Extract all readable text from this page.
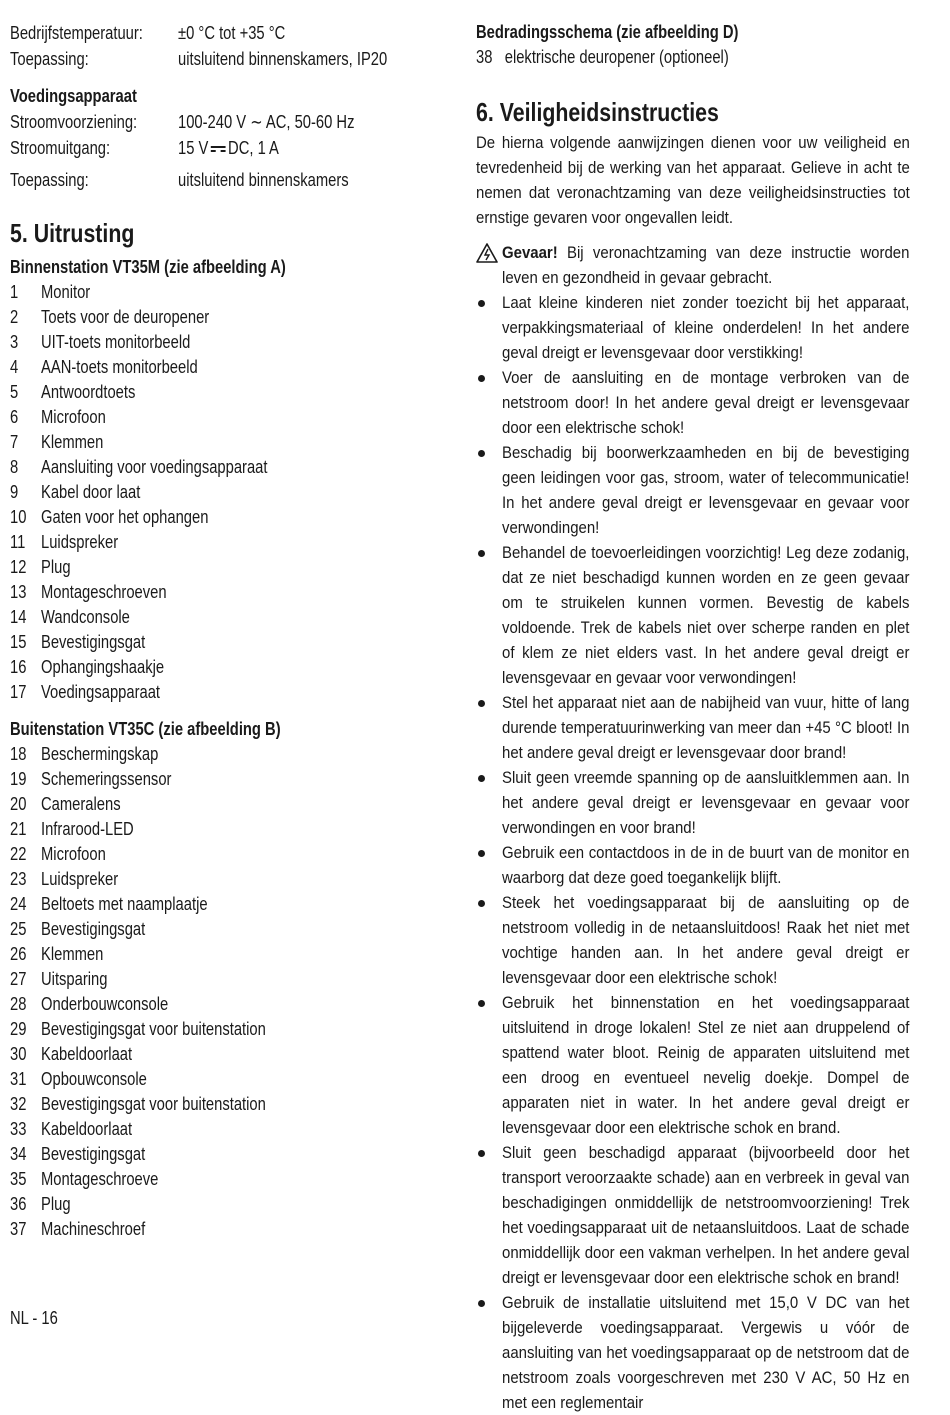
Bedrijfstemperatuur: ±0 °C tot +35 °C
Toepassing:	uitsluitend binnenskamers, IP20
Voedingsapparaat
Stroomvoorziening: 100-240 V ∼ AC, 50-60 Hz
Stroomuitgang:	15 V DC, 1 A
Toepassing:	uitsluitend binnenskamers
5. Uitrusting
Binnenstation VT35M (zie afbeelding A)
1 Monitor
2 Toets voor de deuropener
3 UIT-toets monitorbeeld
4 AAN-toets monitorbeeld
5 Antwoordtoets
6 Microfoon
7 Klemmen
8 Aansluiting voor voedingsapparaat
9 Kabel door laat
10 Gaten voor het ophangen
11 Luidspreker
12 Plug
13 Montageschroeven
14 Wandconsole
15 Bevestigingsgat
16 Ophangingshaakje
17 Voedingsapparaat
Buitenstation VT35C (zie afbeelding B)
18 Beschermingskap
19 Schemeringssensor
20 Cameralens
21 Infrarood-LED
22 Microfoon
23 Luidspreker
24 Beltoets met naamplaatje
25 Bevestigingsgat
26 Klemmen
27 Uitsparing
28 Onderbouwconsole
29 Bevestigingsgat voor buitenstation
30 Kabeldoorlaat
31 Opbouwconsole
32 Bevestigingsgat voor buitenstation
33 Kabeldoorlaat
34 Bevestigingsgat
35 Montageschroeve
36 Plug
37 Machineschroef
Bedradingsschema (zie afbeelding D)
38 elektrische deuropener (optioneel)
6. Veiligheidsinstructies
De hierna volgende aanwijzingen dienen voor uw veiligheid en tevredenheid bij de werking van het apparaat. Gelieve in acht te nemen dat veronachtzaming van deze veiligheidsinstructies tot ernstige gevaren voor ongevallen leidt.
Gevaar! Bij veronachtzaming van deze instructie worden leven en gezondheid in gevaar gebracht.
Laat kleine kinderen niet zonder toezicht bij het apparaat, verpakkingsmateriaal of kleine onderdelen! In het andere geval dreigt er levensgevaar door verstikking!
Voer de aansluiting en de montage verbroken van de netstroom door! In het andere geval dreigt er levensgevaar door een elektrische schok!
Beschadig bij boorwerkzaamheden en bij de bevestiging geen leidingen voor gas, stroom, water of telecommunicatie! In het andere geval dreigt er levensgevaar en gevaar voor verwondingen!
Behandel de toevoerleidingen voorzichtig! Leg deze zodanig, dat ze niet beschadigd kunnen worden en ze geen gevaar om te struikelen kunnen vormen. Bevestig de kabels voldoende. Trek de kabels niet over scherpe randen en plet of klem ze niet elders vast. In het andere geval dreigt er levensgevaar en gevaar voor verwondingen!
Stel het apparaat niet aan de nabijheid van vuur, hitte of lang durende temperatuurinwerking van meer dan +45 °C bloot! In het andere geval dreigt er levensgevaar door brand!
Sluit geen vreemde spanning op de aansluitklemmen aan. In het andere geval dreigt er levensgevaar en gevaar voor verwondingen en voor brand!
Gebruik een contactdoos in de in de buurt van de monitor en waarborg dat deze goed toegankelijk blijft.
Steek het voedingsapparaat bij de aansluiting op de netstroom volledig in de netaansluitdoos! Raak het niet met vochtige handen aan. In het andere geval dreigt er levensgevaar door een elektrische schok!
Gebruik het binnenstation en het voedingsapparaat uitsluitend in droge lokalen! Stel ze niet aan druppelend of spattend water bloot. Reinig de apparaten uitsluitend met een droog en eventueel nevelig doekje. Dompel de apparaten niet in water. In het andere geval dreigt er levensgevaar door een elektrische schok en brand.
Sluit geen beschadigd apparaat (bijvoorbeeld door het transport veroorzaakte schade) aan en verbreek in geval van beschadigingen onmiddellijk de netstroomvoorziening! Trek het voedingsapparaat uit de netaansluitdoos. Laat de schade onmiddellijk door een vakman verhelpen. In het andere geval dreigt er levensgevaar door een elektrische schok en brand!
Gebruik de installatie uitsluitend met 15,0 V DC van het bijgeleverde voedingsapparaat. Vergewis u vóór de aansluiting van het voedingsapparaat op de netstroom dat de netstroom zoals voorgeschreven met 230 V AC, 50 Hz en met een reglementair
NL - 16
